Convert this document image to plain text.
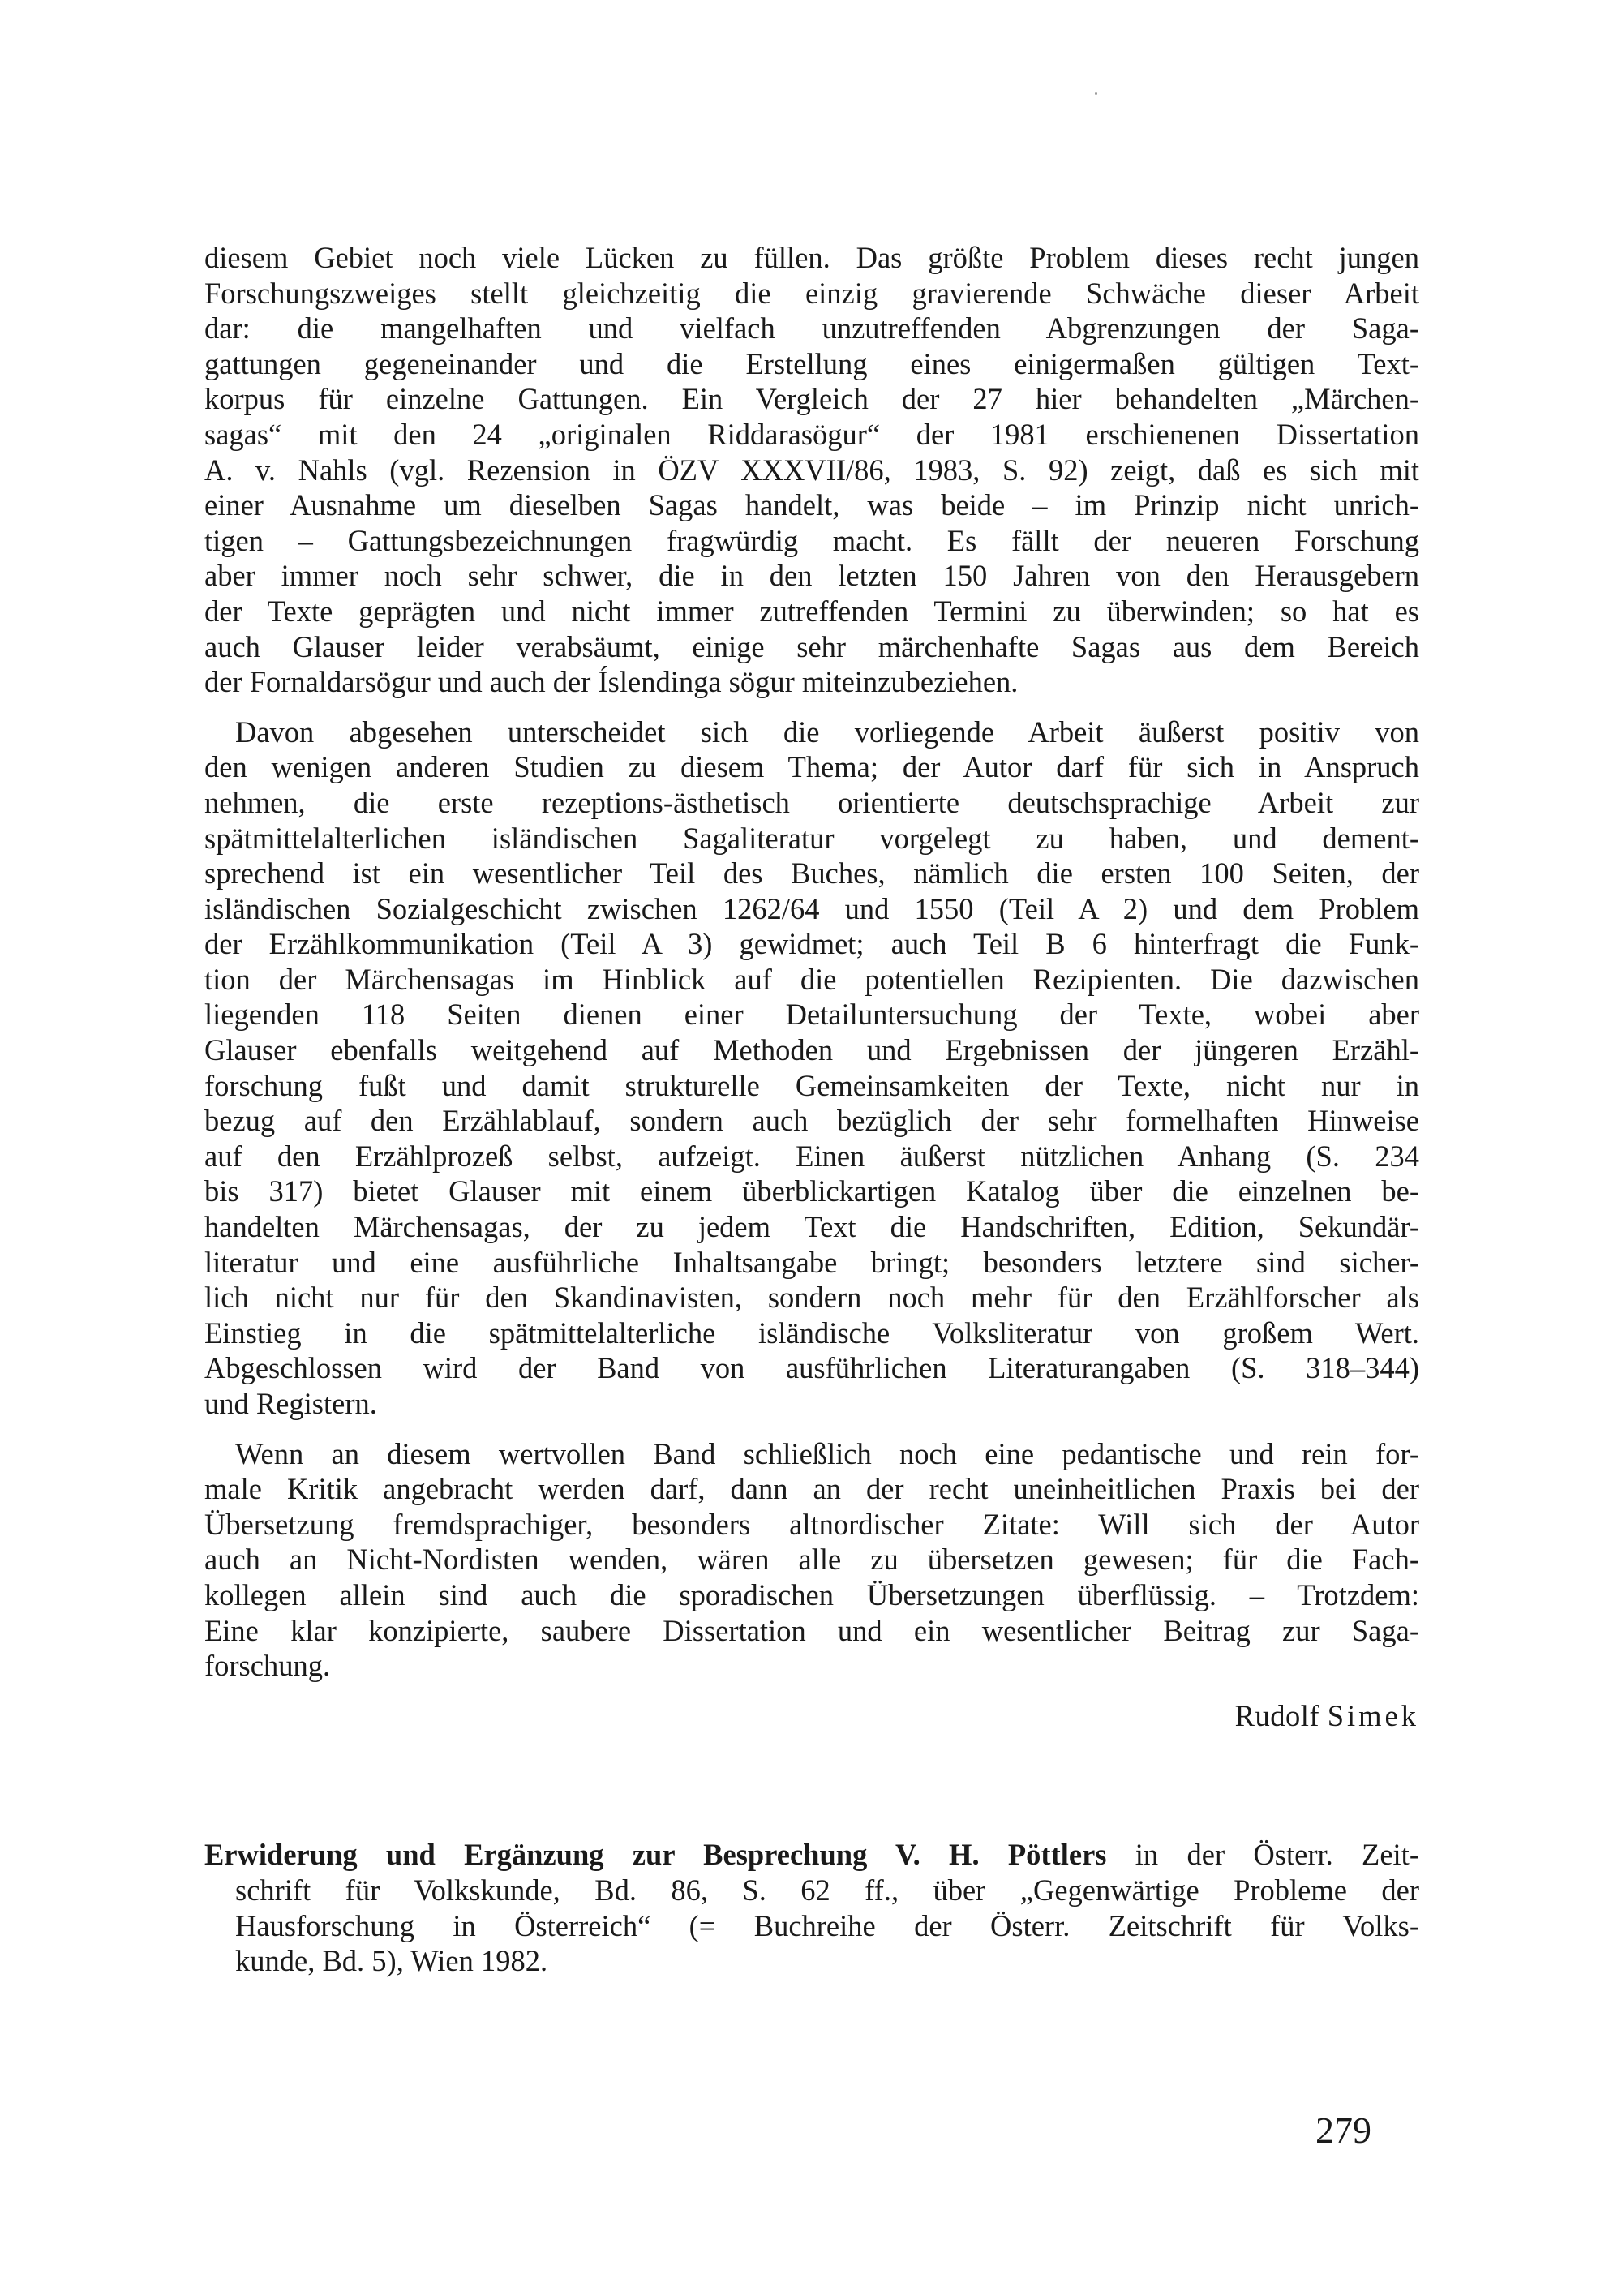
diesem Gebiet noch viele Lücken zu füllen. Das größte Problem dieses recht jungen
Forschungszweiges stellt gleichzeitig die einzig gravierende Schwäche dieser Arbeit
dar: die mangelhaften und vielfach unzutreffenden Abgrenzungen der Saga-
gattungen gegeneinander und die Erstellung eines einigermaßen gültigen Text-
korpus für einzelne Gattungen. Ein Vergleich der 27 hier behandelten „Märchen-
sagas“ mit den 24 „originalen Riddarasögur“ der 1981 erschienenen Dissertation
A. v. Nahls (vgl. Rezension in ÖZV XXXVII/86, 1983, S. 92) zeigt, daß es sich mit
einer Ausnahme um dieselben Sagas handelt, was beide – im Prinzip nicht unrich-
tigen – Gattungsbezeichnungen fragwürdig macht. Es fällt der neueren Forschung
aber immer noch sehr schwer, die in den letzten 150 Jahren von den Herausgebern
der Texte geprägten und nicht immer zutreffenden Termini zu überwinden; so hat es
auch Glauser leider verabsäumt, einige sehr märchenhafte Sagas aus dem Bereich
der Fornaldarsögur und auch der Íslendinga sögur miteinzubeziehen.
Davon abgesehen unterscheidet sich die vorliegende Arbeit äußerst positiv von
den wenigen anderen Studien zu diesem Thema; der Autor darf für sich in Anspruch
nehmen, die erste rezeptions-ästhetisch orientierte deutschsprachige Arbeit zur
spätmittelalterlichen isländischen Sagaliteratur vorgelegt zu haben, und dement-
sprechend ist ein wesentlicher Teil des Buches, nämlich die ersten 100 Seiten, der
isländischen Sozialgeschicht zwischen 1262/64 und 1550 (Teil A 2) und dem Problem
der Erzählkommunikation (Teil A 3) gewidmet; auch Teil B 6 hinterfragt die Funk-
tion der Märchensagas im Hinblick auf die potentiellen Rezipienten. Die dazwischen
liegenden 118 Seiten dienen einer Detailuntersuchung der Texte, wobei aber
Glauser ebenfalls weitgehend auf Methoden und Ergebnissen der jüngeren Erzähl-
forschung fußt und damit strukturelle Gemeinsamkeiten der Texte, nicht nur in
bezug auf den Erzählablauf, sondern auch bezüglich der sehr formelhaften Hinweise
auf den Erzählprozeß selbst, aufzeigt. Einen äußerst nützlichen Anhang (S. 234
bis 317) bietet Glauser mit einem überblickartigen Katalog über die einzelnen be-
handelten Märchensagas, der zu jedem Text die Handschriften, Edition, Sekundär-
literatur und eine ausführliche Inhaltsangabe bringt; besonders letztere sind sicher-
lich nicht nur für den Skandinavisten, sondern noch mehr für den Erzählforscher als
Einstieg in die spätmittelalterliche isländische Volksliteratur von großem Wert.
Abgeschlossen wird der Band von ausführlichen Literaturangaben (S. 318–344)
und Registern.
Wenn an diesem wertvollen Band schließlich noch eine pedantische und rein for-
male Kritik angebracht werden darf, dann an der recht uneinheitlichen Praxis bei der
Übersetzung fremdsprachiger, besonders altnordischer Zitate: Will sich der Autor
auch an Nicht-Nordisten wenden, wären alle zu übersetzen gewesen; für die Fach-
kollegen allein sind auch die sporadischen Übersetzungen überflüssig. – Trotzdem:
Eine klar konzipierte, saubere Dissertation und ein wesentlicher Beitrag zur Saga-
forschung.
Rudolf Simek
Erwiderung und Ergänzung zur Besprechung V. H. Pöttlers in der Österr. Zeit-
schrift für Volkskunde, Bd. 86, S. 62 ff., über „Gegenwärtige Probleme der
Hausforschung in Österreich“ (= Buchreihe der Österr. Zeitschrift für Volks-
kunde, Bd. 5), Wien 1982.
279
